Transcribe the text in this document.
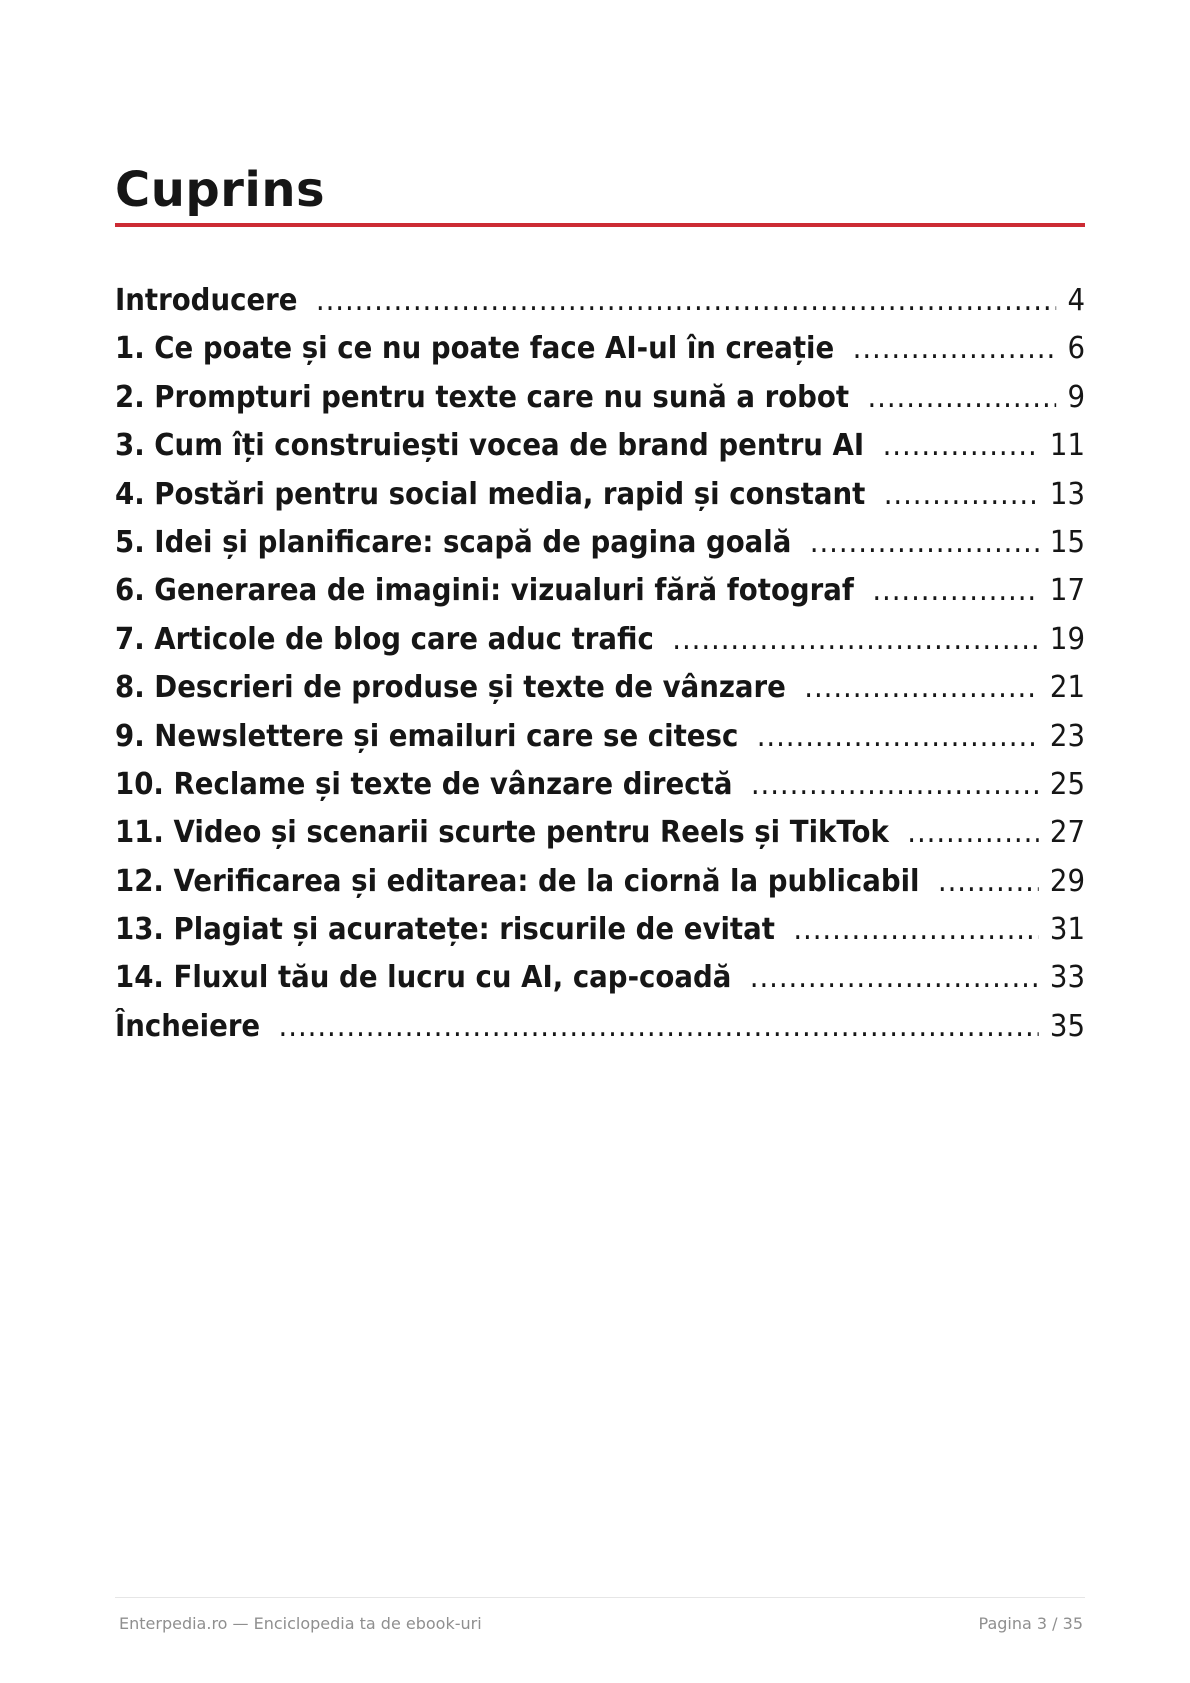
Cuprins
Introducere .....	4
1. Ce poate și ce nu poate face AI-ul în creație .....	6
2. Prompturi pentru texte care nu sună a robot .....	9
3. Cum îți construiești vocea de brand pentru AI .....	11
4. Postări pentru social media, rapid și constant .....	13
5. Idei și planificare: scapă de pagina goală .....	15
6. Generarea de imagini: vizualuri fără fotograf .....	17
7. Articole de blog care aduc trafic .....	19
8. Descrieri de produse și texte de vânzare .....	21
9. Newslettere și emailuri care se citesc .....	23
10. Reclame și texte de vânzare directă .....	25
11. Video și scenarii scurte pentru Reels și TikTok .....	27
12. Verificarea și editarea: de la ciornă la publicabil .....	29
13. Plagiat și acuratețe: riscurile de evitat .....	31
14. Fluxul tău de lucru cu AI, cap-coadă .....	33
Încheiere .....	35
Enterpedia.ro — Enciclopedia ta de ebook-uri	Pagina 3 / 35
